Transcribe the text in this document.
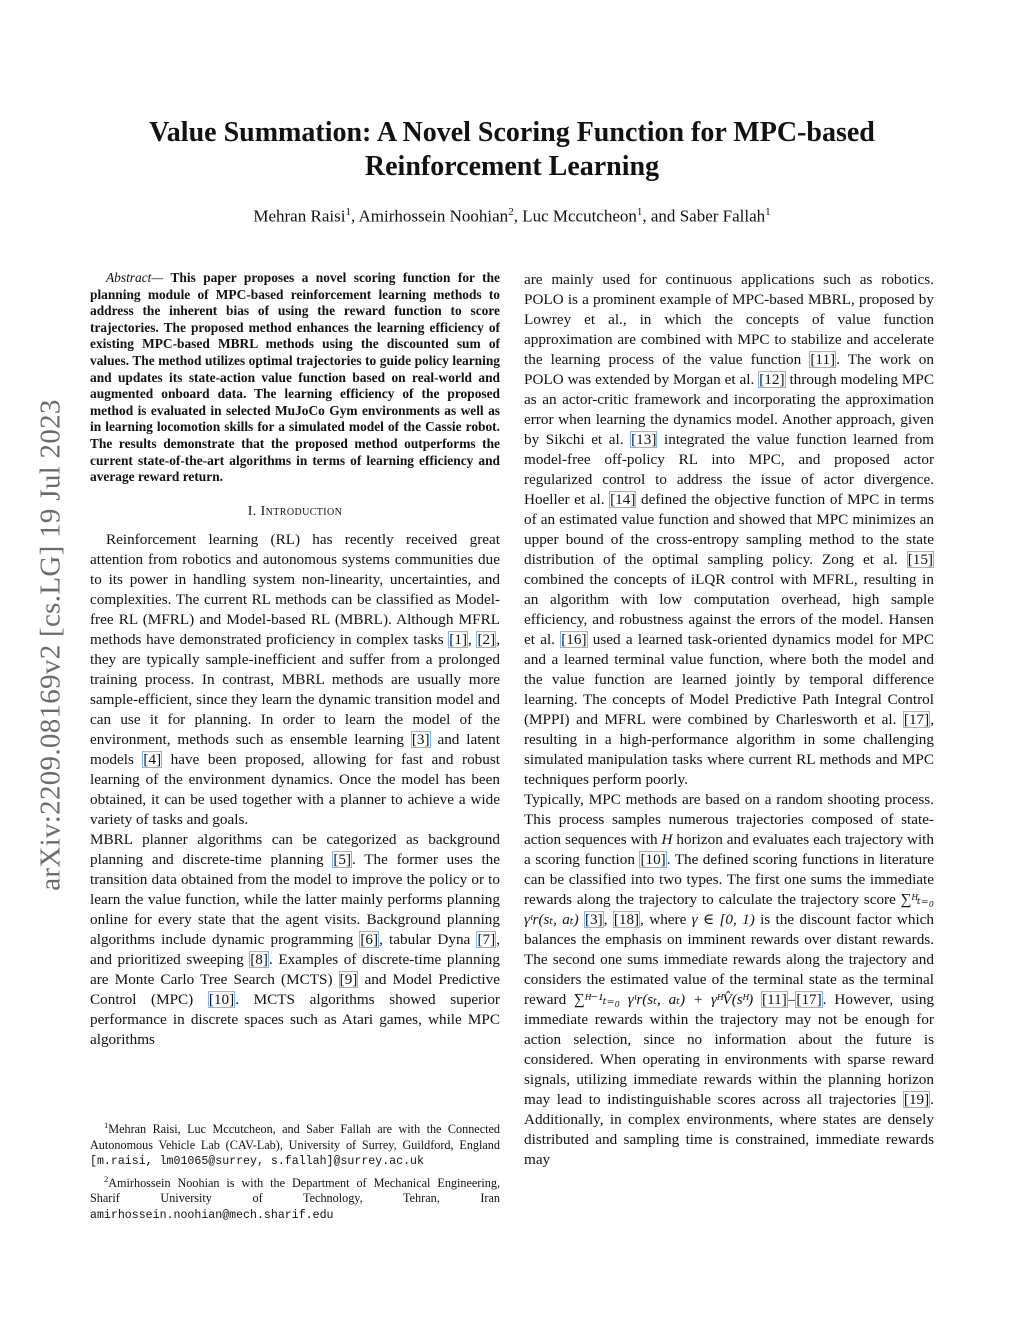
arXiv:2209.08169v2 [cs.LG] 19 Jul 2023
Value Summation: A Novel Scoring Function for MPC-based
Reinforcement Learning
Mehran Raisi$^1$, Amirhossein Noohian$^2$, Luc Mccutcheon$^1$, and Saber Fallah$^1$

Abstract— This paper proposes a novel scoring function for the planning module of MPC-based reinforcement learning methods to address the inherent bias of using the reward function to score trajectories. The proposed method enhances the learning efficiency of existing MPC-based MBRL methods using the discounted sum of values. The method utilizes optimal trajectories to guide policy learning and updates its state-action value function based on real-world and augmented onboard data. The learning efficiency of the proposed method is evaluated in selected MuJoCo Gym environments as well as in learning locomotion skills for a simulated model of the Cassie robot. The results demonstrate that the proposed method outperforms the current state-of-the-art algorithms in terms of learning efficiency and average reward return.

I. Introduction

Reinforcement learning (RL) has recently received great attention from robotics and autonomous systems communities due to its power in handling system non-linearity, uncertainties, and complexities. The current RL methods can be classified as Model-free RL (MFRL) and Model-based RL (MBRL). Although MFRL methods have demonstrated proficiency in complex tasks [1], [2], they are typically sample-inefficient and suffer from a prolonged training process. In contrast, MBRL methods are usually more sample-efficient, since they learn the dynamic transition model and can use it for planning. In order to learn the model of the environment, methods such as ensemble learning [3] and latent models [4] have been proposed, allowing for fast and robust learning of the environment dynamics. Once the model has been obtained, it can be used together with a planner to achieve a wide variety of tasks and goals.

MBRL planner algorithms can be categorized as background planning and discrete-time planning [5]. The former uses the transition data obtained from the model to improve the policy or to learn the value function, while the latter mainly performs planning online for every state that the agent visits. Background planning algorithms include dynamic programming [6], tabular Dyna [7], and prioritized sweeping [8]. Examples of discrete-time planning are Monte Carlo Tree Search (MCTS) [9] and Model Predictive Control (MPC) [10]. MCTS algorithms showed superior performance in discrete spaces such as Atari games, while MPC algorithms

$^1$Mehran Raisi, Luc Mccutcheon, and Saber Fallah are with the Connected Autonomous Vehicle Lab (CAV-Lab), University of Surrey, Guildford, England [m.raisi, lm01065@surrey, s.fallah]@surrey.ac.uk

$^2$Amirhossein Noohian is with the Department of Mechanical Engineering, Sharif University of Technology, Tehran, Iran amirhossein.noohian@mech.sharif.edu

are mainly used for continuous applications such as robotics. POLO is a prominent example of MPC-based MBRL, proposed by Lowrey et al., in which the concepts of value function approximation are combined with MPC to stabilize and accelerate the learning process of the value function [11]. The work on POLO was extended by Morgan et al. [12] through modeling MPC as an actor-critic framework and incorporating the approximation error when learning the dynamics model. Another approach, given by Sikchi et al. [13] integrated the value function learned from model-free off-policy RL into MPC, and proposed actor regularized control to address the issue of actor divergence. Hoeller et al. [14] defined the objective function of MPC in terms of an estimated value function and showed that MPC minimizes an upper bound of the cross-entropy sampling method to the state distribution of the optimal sampling policy. Zong et al. [15] combined the concepts of iLQR control with MFRL, resulting in an algorithm with low computation overhead, high sample efficiency, and robustness against the errors of the model. Hansen et al. [16] used a learned task-oriented dynamics model for MPC and a learned terminal value function, where both the model and the value function are learned jointly by temporal difference learning. The concepts of Model Predictive Path Integral Control (MPPI) and MFRL were combined by Charlesworth et al. [17], resulting in a high-performance algorithm in some challenging simulated manipulation tasks where current RL methods and MPC techniques perform poorly.

Typically, MPC methods are based on a random shooting process. This process samples numerous trajectories composed of state-action sequences with H horizon and evaluates each trajectory with a scoring function [10]. The defined scoring functions in literature can be classified into two types. The first one sums the immediate rewards along the trajectory to calculate the trajectory score ∑ᴴₜ₌₀ γᵗr(sₜ, aₜ) [3], [18], where γ ∈ [0, 1) is the discount factor which balances the emphasis on imminent rewards over distant rewards. The second one sums immediate rewards along the trajectory and considers the estimated value of the terminal state as the terminal reward ∑ᴴ⁻¹ₜ₌₀ γᵗr(sₜ, aₜ) + γᴴV̂(sᴴ) [11]–[17]. However, using immediate rewards within the trajectory may not be enough for action selection, since no information about the future is considered. When operating in environments with sparse reward signals, utilizing immediate rewards within the planning horizon may lead to indistinguishable scores across all trajectories [19]. Additionally, in complex environments, where states are densely distributed and sampling time is constrained, immediate rewards may
